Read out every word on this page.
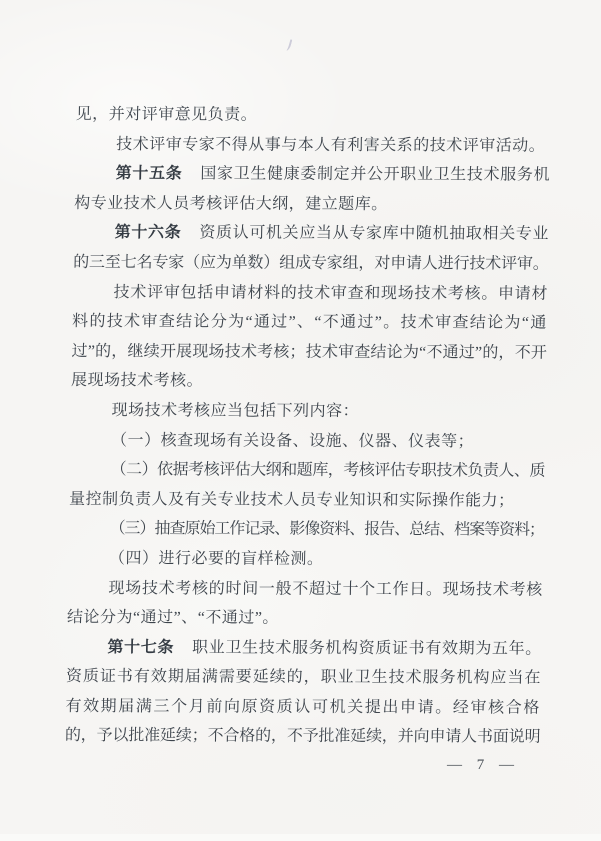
见，并对评审意见负责。
技术评审专家不得从事与本人有利害关系的技术评审活动。
第十五条 国家卫生健康委制定并公开职业卫生技术服务机
构专业技术人员考核评估大纲，建立题库。
第十六条 资质认可机关应当从专家库中随机抽取相关专业
的三至七名专家（应为单数）组成专家组，对申请人进行技术评审。
技术评审包括申请材料的技术审查和现场技术考核。申请材
料的技术审查结论分为“通过”、“不通过”。技术审查结论为“通
过”的，继续开展现场技术考核；技术审查结论为“不通过”的，不开
展现场技术考核。
现场技术考核应当包括下列内容：
（一）核查现场有关设备、设施、仪器、仪表等；
（二）依据考核评估大纲和题库，考核评估专职技术负责人、质
量控制负责人及有关专业技术人员专业知识和实际操作能力；
（三）抽查原始工作记录、影像资料、报告、总结、档案等资料；
（四）进行必要的盲样检测。
现场技术考核的时间一般不超过十个工作日。现场技术考核
结论分为“通过”、“不通过”。
第十七条 职业卫生技术服务机构资质证书有效期为五年。
资质证书有效期届满需要延续的，职业卫生技术服务机构应当在
有效期届满三个月前向原资质认可机关提出申请。经审核合格
的，予以批准延续；不合格的，不予批准延续，并向申请人书面说明
— 7 —
